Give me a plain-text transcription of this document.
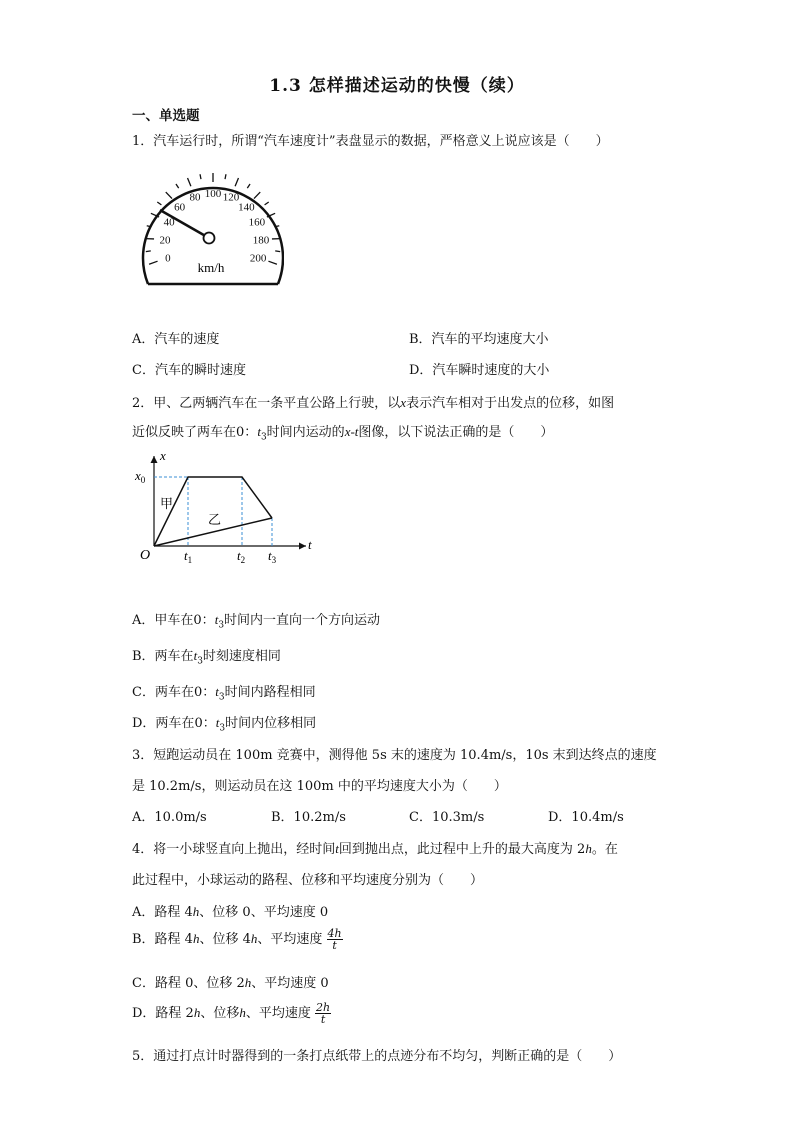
1.3 怎样描述运动的快慢（续）
一、单选题
1．汽车运行时，所谓“汽车速度计”表盘显示的数据，严格意义上说应该是（　　）
0
20
40
60
80 100 120
140
160
180
200
km/h
A．汽车的速度	B．汽车的平均速度大小
C．汽车的瞬时速度	D．汽车瞬时速度的大小
2．甲、乙两辆汽车在一条平直公路上行驶，以x表示汽车相对于出发点的位移，如图
近似反映了两车在0：$t_3$时间内运动的x-t图像，以下说法正确的是（　　）
x
t
O
$x_0$
甲
乙
$t_1$	$t_2$ $t_3$
A．甲车在0：$t_3$时间内一直向一个方向运动
B．两车在$t_3$时刻速度相同
C．两车在0：$t_3$时间内路程相同
D．两车在0：$t_3$时间内位移相同
3．短跑运动员在 100m 竞赛中，测得他 5s 末的速度为 10.4m/s，10s 末到达终点的速度
是 10.2m/s，则运动员在这 100m 中的平均速度大小为（　　）
A．10.0m/s	B．10.2m/s	C．10.3m/s	D．10.4m/s
4．将一小球竖直向上抛出，经时间t回到抛出点，此过程中上升的最大高度为 2h。在
此过程中，小球运动的路程、位移和平均速度分别为（　　）
A．路程 4h、位移 0、平均速度 0
B．路程 4h、位移 4h、平均速度 $\frac{4h}{t}$
C．路程 0、位移 2h、平均速度 0
D．路程 2h、位移h、平均速度 $\frac{2h}{t}$
5．通过打点计时器得到的一条打点纸带上的点迹分布不均匀，判断正确的是（　　）
